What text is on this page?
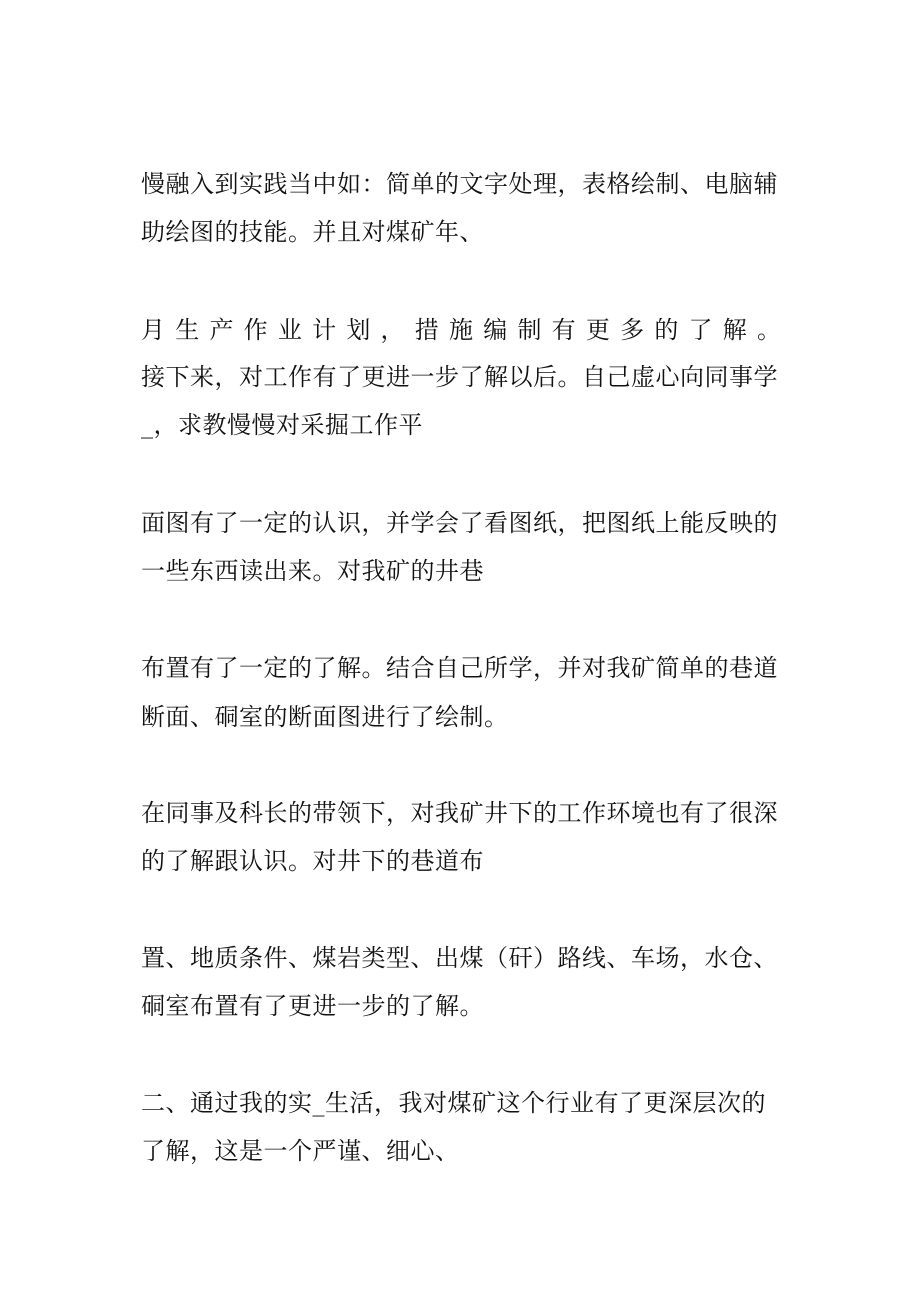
慢融入到实践当中如：简单的文字处理，表格绘制、电脑辅
助绘图的技能。并且对煤矿年、
月生产作业计划，措施编制有更多的了解。
接下来，对工作有了更进一步了解以后。自己虚心向同事学
_，求教慢慢对采掘工作平
面图有了一定的认识，并学会了看图纸，把图纸上能反映的
一些东西读出来。对我矿的井巷
布置有了一定的了解。结合自己所学，并对我矿简单的巷道
断面、硐室的断面图进行了绘制。
在同事及科长的带领下，对我矿井下的工作环境也有了很深
的了解跟认识。对井下的巷道布
置、地质条件、煤岩类型、出煤（矸）路线、车场，水仓、
硐室布置有了更进一步的了解。
二、通过我的实_生活，我对煤矿这个行业有了更深层次的
了解，这是一个严谨、细心、
